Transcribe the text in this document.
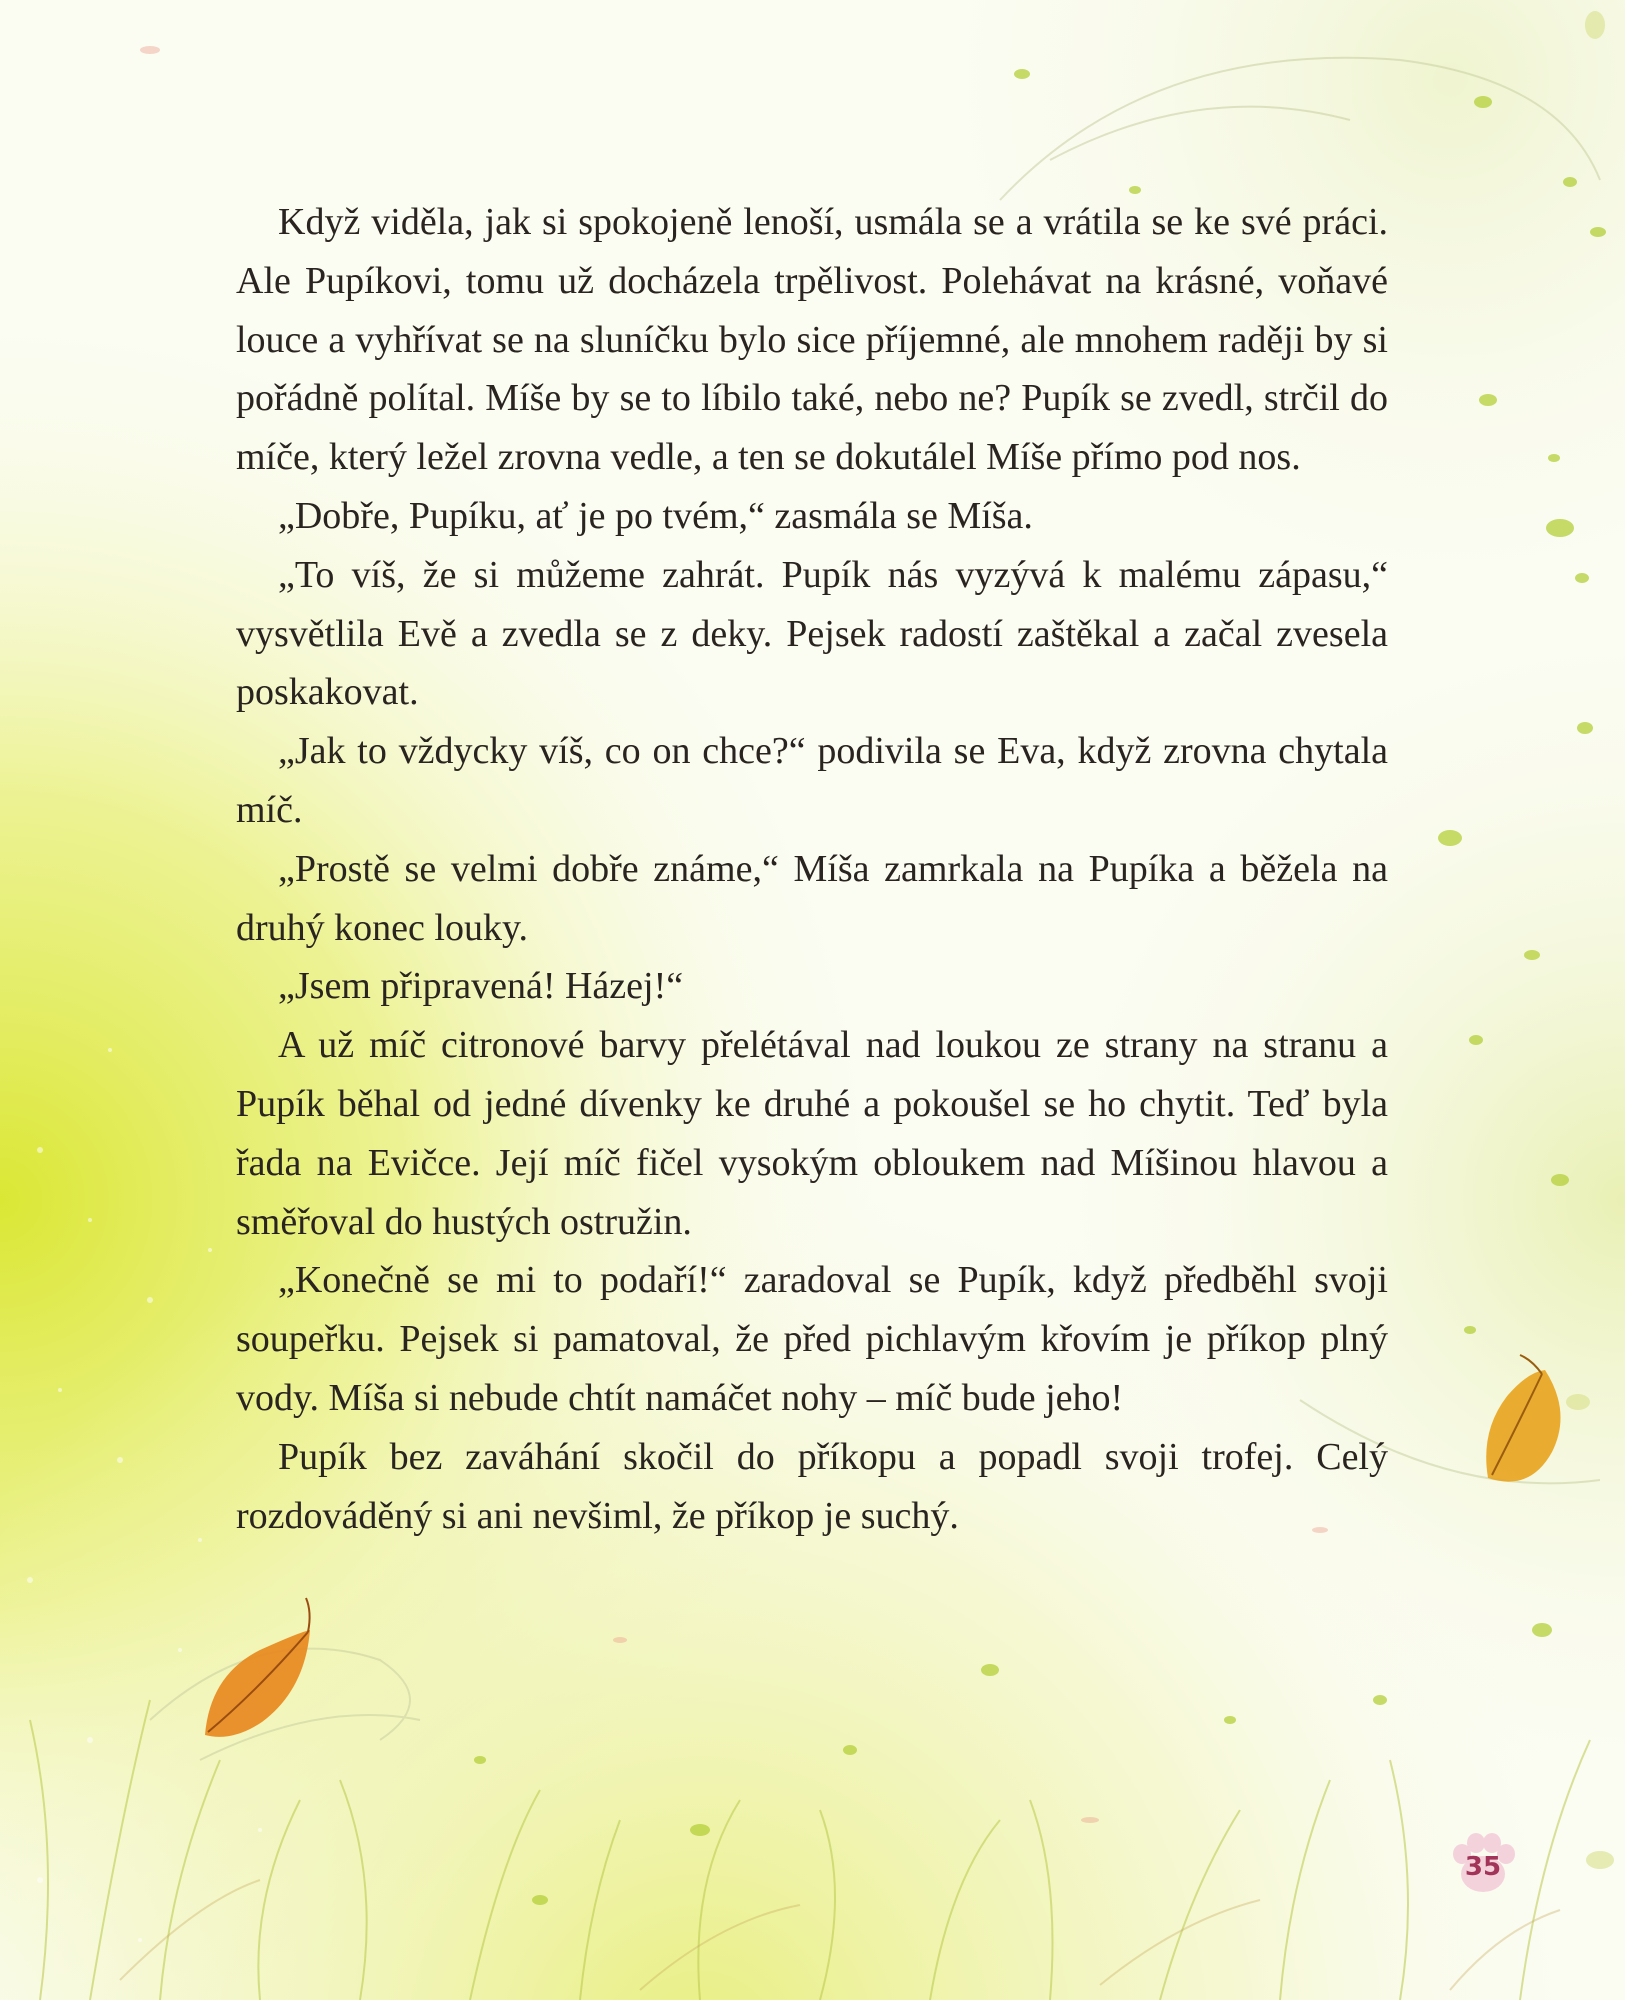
Když viděla, jak si spokojeně lenoší, usmála se a vrátila se ke své práci. Ale Pupíkovi, tomu už docházela trpělivost. Polehávat na krásné, voňavé louce a vyhřívat se na sluníčku bylo sice příjemné, ale mnohem raději by si pořádně polítal. Míše by se to líbilo také, nebo ne? Pupík se zvedl, strčil do míče, který ležel zrovna vedle, a ten se dokutálel Míše přímo pod nos.

„Dobře, Pupíku, ať je po tvém,“ zasmála se Míša.

„To víš, že si můžeme zahrát. Pupík nás vyzývá k malému zápasu,“ vysvětlila Evě a zvedla se z deky. Pejsek radostí zaštěkal a začal zvesela poskakovat.

„Jak to vždycky víš, co on chce?“ podivila se Eva, když zrovna chytala míč.

„Prostě se velmi dobře známe,“ Míša zamrkala na Pupíka a běžela na druhý konec louky.

„Jsem připravená! Házej!“

A už míč citronové barvy přelétával nad loukou ze strany na stranu a Pupík běhal od jedné dívenky ke druhé a pokoušel se ho chytit. Teď byla řada na Evičce. Její míč fičel vysokým obloukem nad Míšinou hlavou a směřoval do hustých ostružin.

„Konečně se mi to podaří!“ zaradoval se Pupík, když předběhl svoji soupeřku. Pejsek si pamatoval, že před pichlavým křovím je příkop plný vody. Míša si nebude chtít namáčet nohy – míč bude jeho!

Pupík bez zaváhání skočil do příkopu a popadl svoji trofej. Celý rozdováděný si ani nevšiml, že příkop je suchý.

35
